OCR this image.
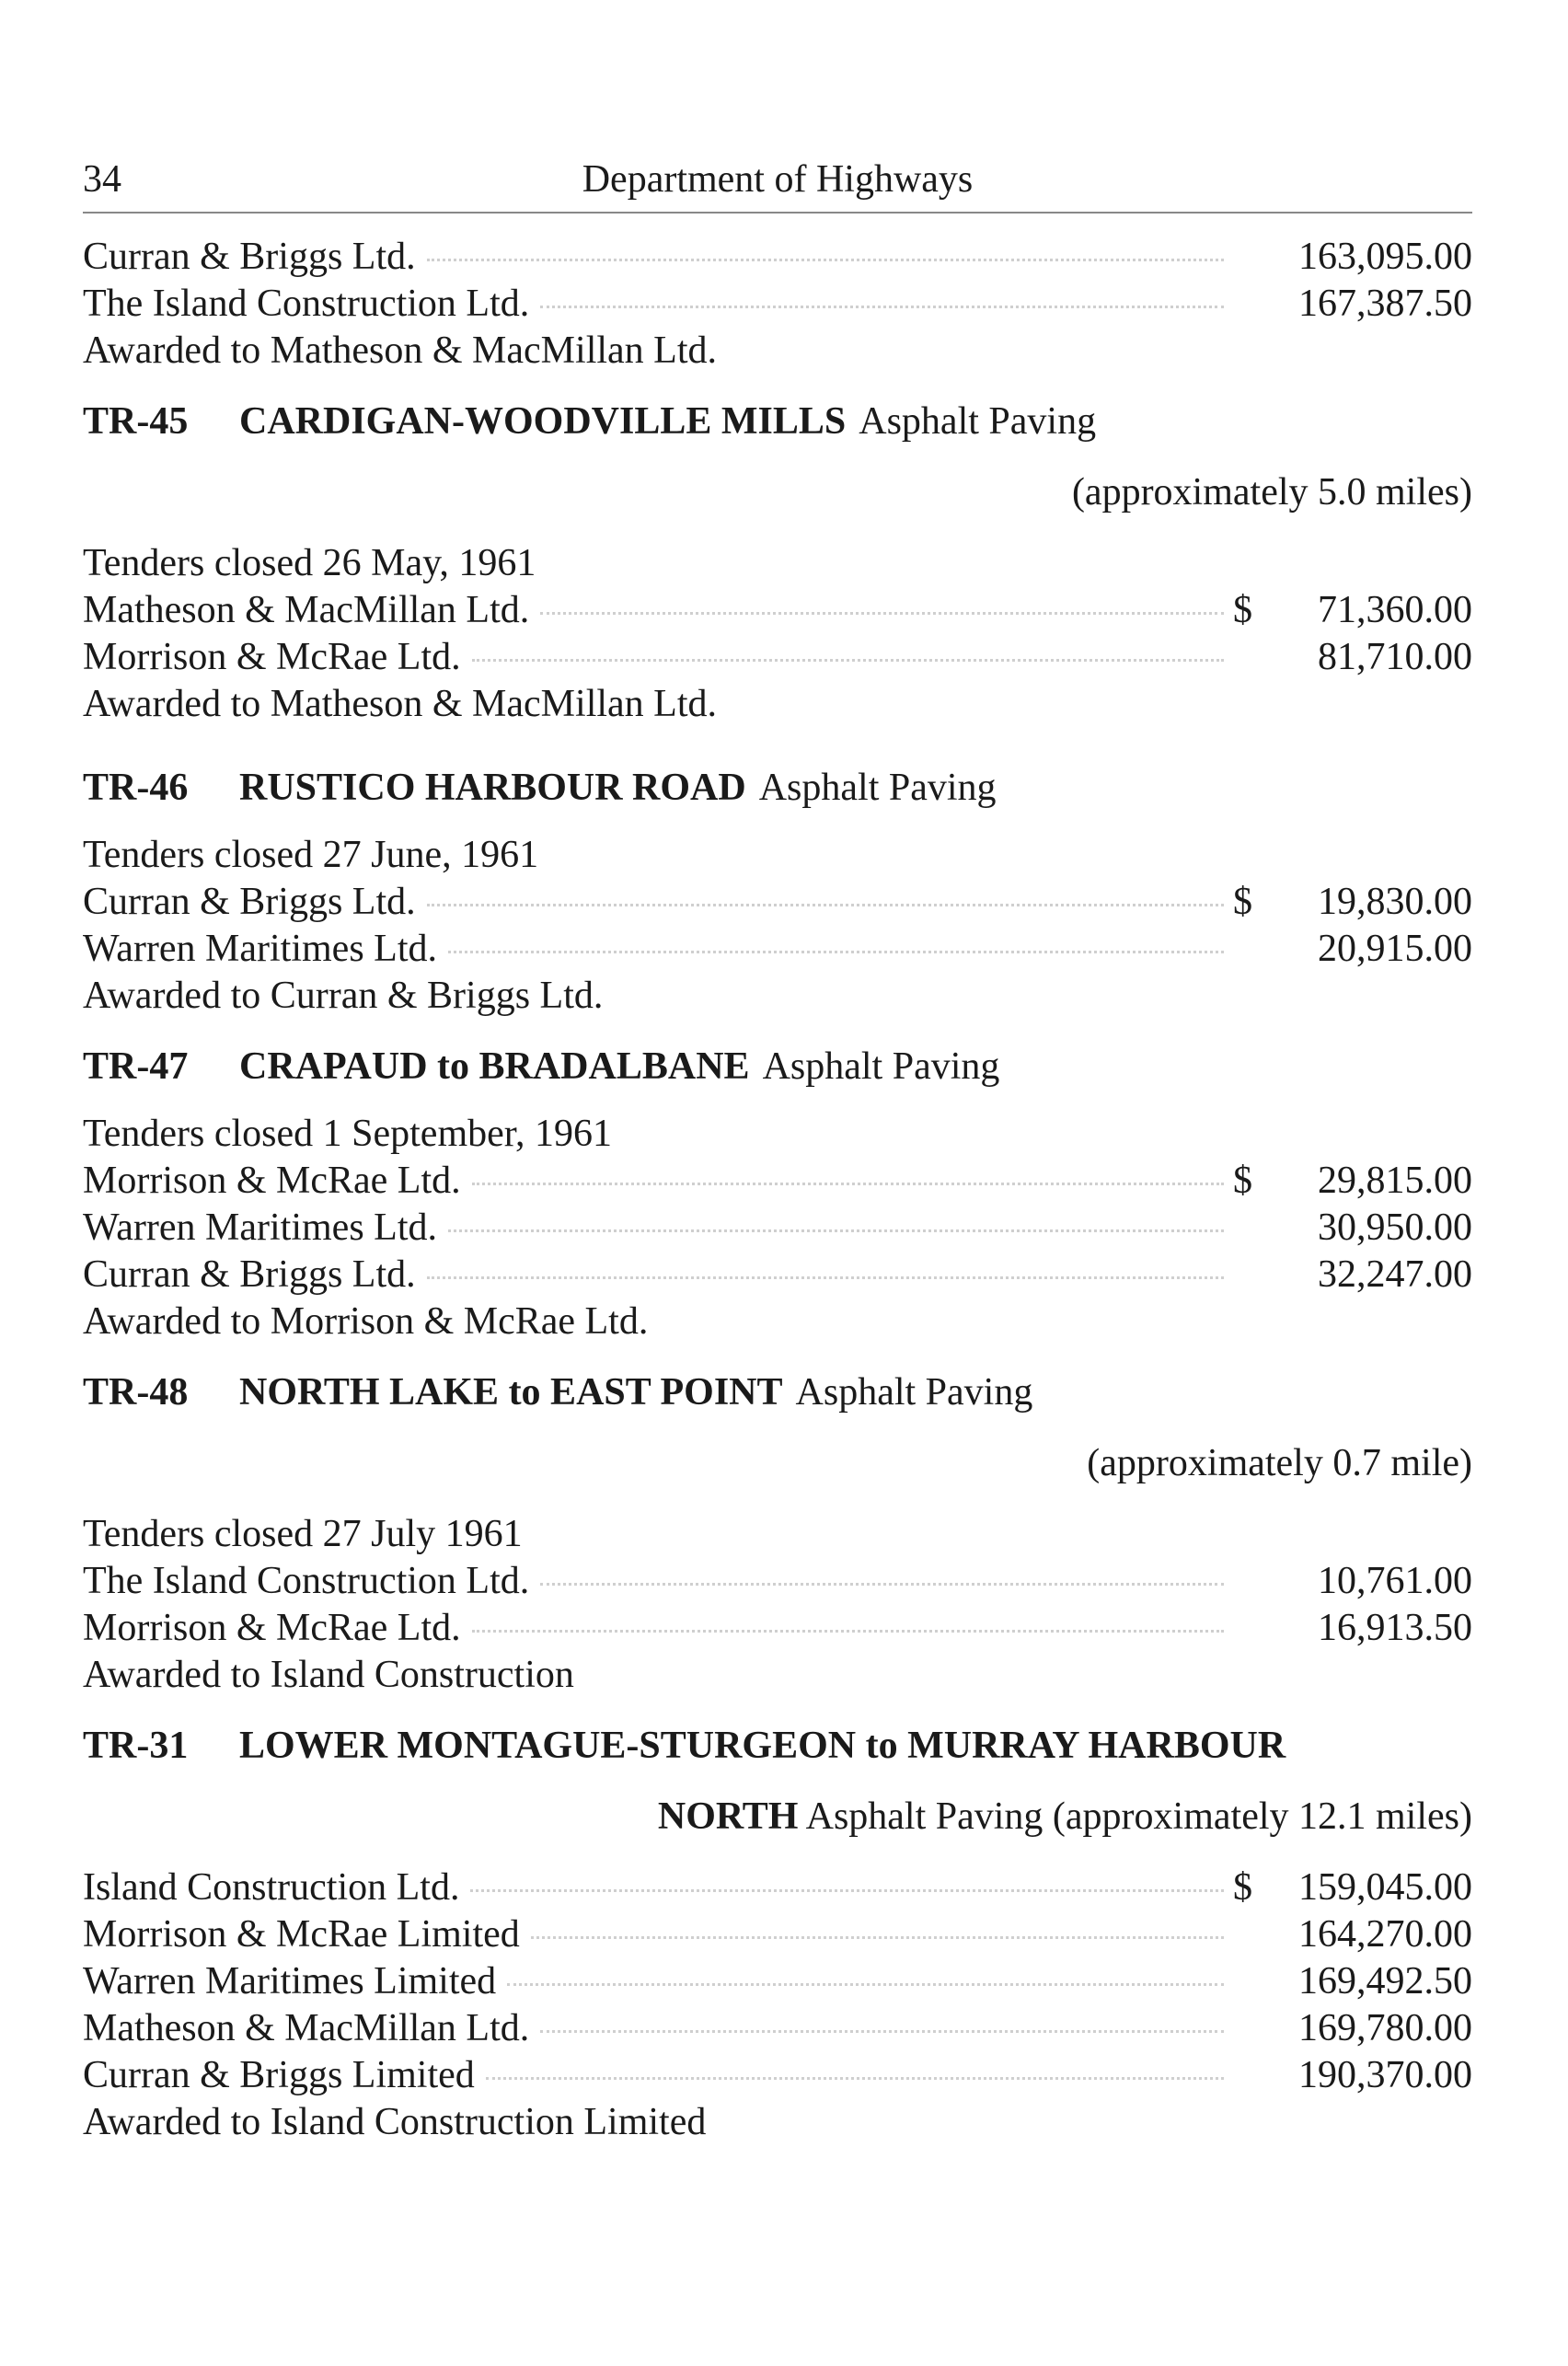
34	Department of Highways
Curran & Briggs Ltd.	163,095.00
The Island Construction Ltd.	167,387.50
Awarded to Matheson & MacMillan Ltd.
TR-45	CARDIGAN-WOODVILLE MILLS Asphalt Paving
(approximately 5.0 miles)
Tenders closed 26 May, 1961
Matheson & MacMillan Ltd.	$	71,360.00
Morrison & McRae Ltd.	81,710.00
Awarded to Matheson & MacMillan Ltd.
TR-46	RUSTICO HARBOUR ROAD Asphalt Paving
Tenders closed 27 June, 1961
Curran & Briggs Ltd.	$	19,830.00
Warren Maritimes Ltd.	20,915.00
Awarded to Curran & Briggs Ltd.
TR-47	CRAPAUD to BRADALBANE Asphalt Paving
Tenders closed 1 September, 1961
Morrison & McRae Ltd.	$	29,815.00
Warren Maritimes Ltd.	30,950.00
Curran & Briggs Ltd.	32,247.00
Awarded to Morrison & McRae Ltd.
TR-48	NORTH LAKE to EAST POINT Asphalt Paving
(approximately 0.7 mile)
Tenders closed 27 July 1961
The Island Construction Ltd.	10,761.00
Morrison & McRae Ltd.	16,913.50
Awarded to Island Construction
TR-31	LOWER MONTAGUE-STURGEON to MURRAY HARBOUR
NORTH Asphalt Paving (approximately 12.1 miles)
Island Construction Ltd.	$	159,045.00
Morrison & McRae Limited	164,270.00
Warren Maritimes Limited	169,492.50
Matheson & MacMillan Ltd.	169,780.00
Curran & Briggs Limited	190,370.00
Awarded to Island Construction Limited
